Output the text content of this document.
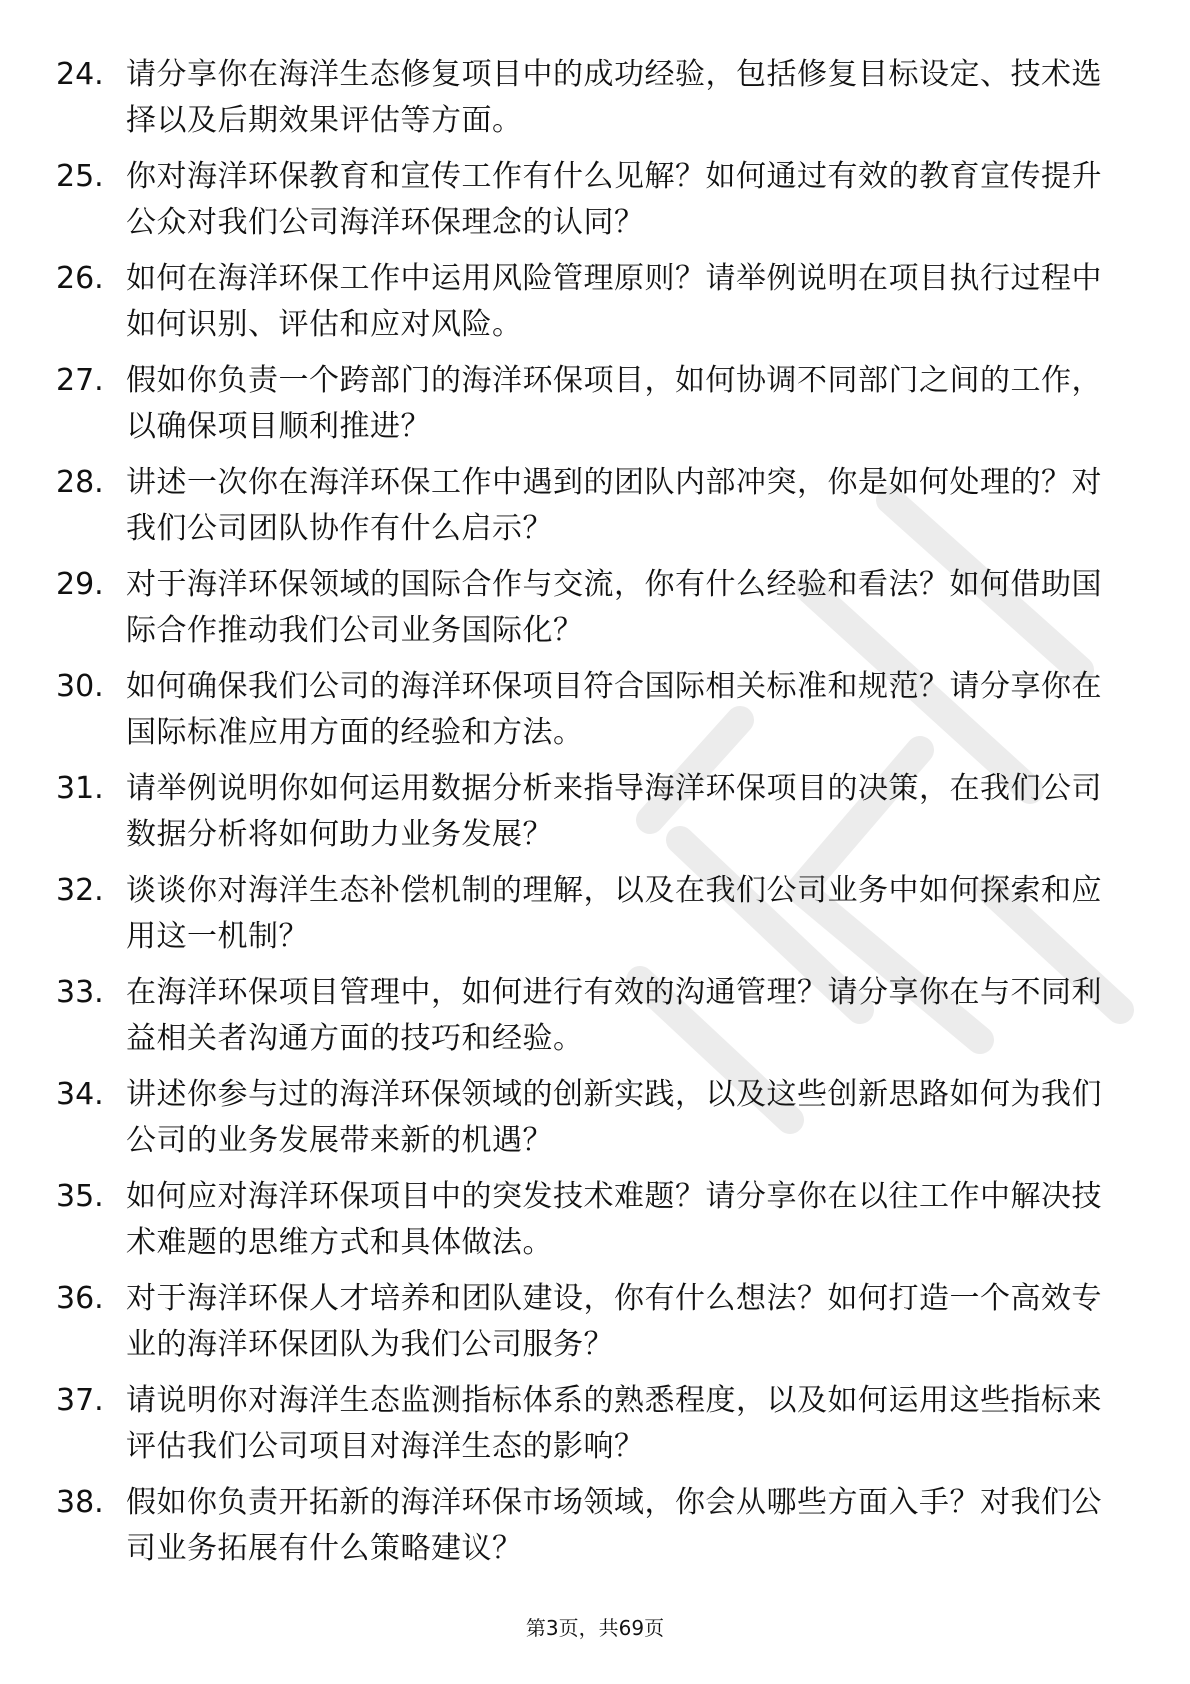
24. 请分享你在海洋生态修复项目中的成功经验，包括修复目标设定、技术选择以及后期效果评估等方面。
25. 你对海洋环保教育和宣传工作有什么见解？如何通过有效的教育宣传提升公众对我们公司海洋环保理念的认同？
26. 如何在海洋环保工作中运用风险管理原则？请举例说明在项目执行过程中如何识别、评估和应对风险。
27. 假如你负责一个跨部门的海洋环保项目，如何协调不同部门之间的工作，以确保项目顺利推进？
28. 讲述一次你在海洋环保工作中遇到的团队内部冲突，你是如何处理的？对我们公司团队协作有什么启示？
29. 对于海洋环保领域的国际合作与交流，你有什么经验和看法？如何借助国际合作推动我们公司业务国际化？
30. 如何确保我们公司的海洋环保项目符合国际相关标准和规范？请分享你在国际标准应用方面的经验和方法。
31. 请举例说明你如何运用数据分析来指导海洋环保项目的决策，在我们公司数据分析将如何助力业务发展？
32. 谈谈你对海洋生态补偿机制的理解，以及在我们公司业务中如何探索和应用这一机制？
33. 在海洋环保项目管理中，如何进行有效的沟通管理？请分享你在与不同利益相关者沟通方面的技巧和经验。
34. 讲述你参与过的海洋环保领域的创新实践，以及这些创新思路如何为我们公司的业务发展带来新的机遇？
35. 如何应对海洋环保项目中的突发技术难题？请分享你在以往工作中解决技术难题的思维方式和具体做法。
36. 对于海洋环保人才培养和团队建设，你有什么想法？如何打造一个高效专业的海洋环保团队为我们公司服务？
37. 请说明你对海洋生态监测指标体系的熟悉程度，以及如何运用这些指标来评估我们公司项目对海洋生态的影响？
38. 假如你负责开拓新的海洋环保市场领域，你会从哪些方面入手？对我们公司业务拓展有什么策略建议？
第3页，共69页
